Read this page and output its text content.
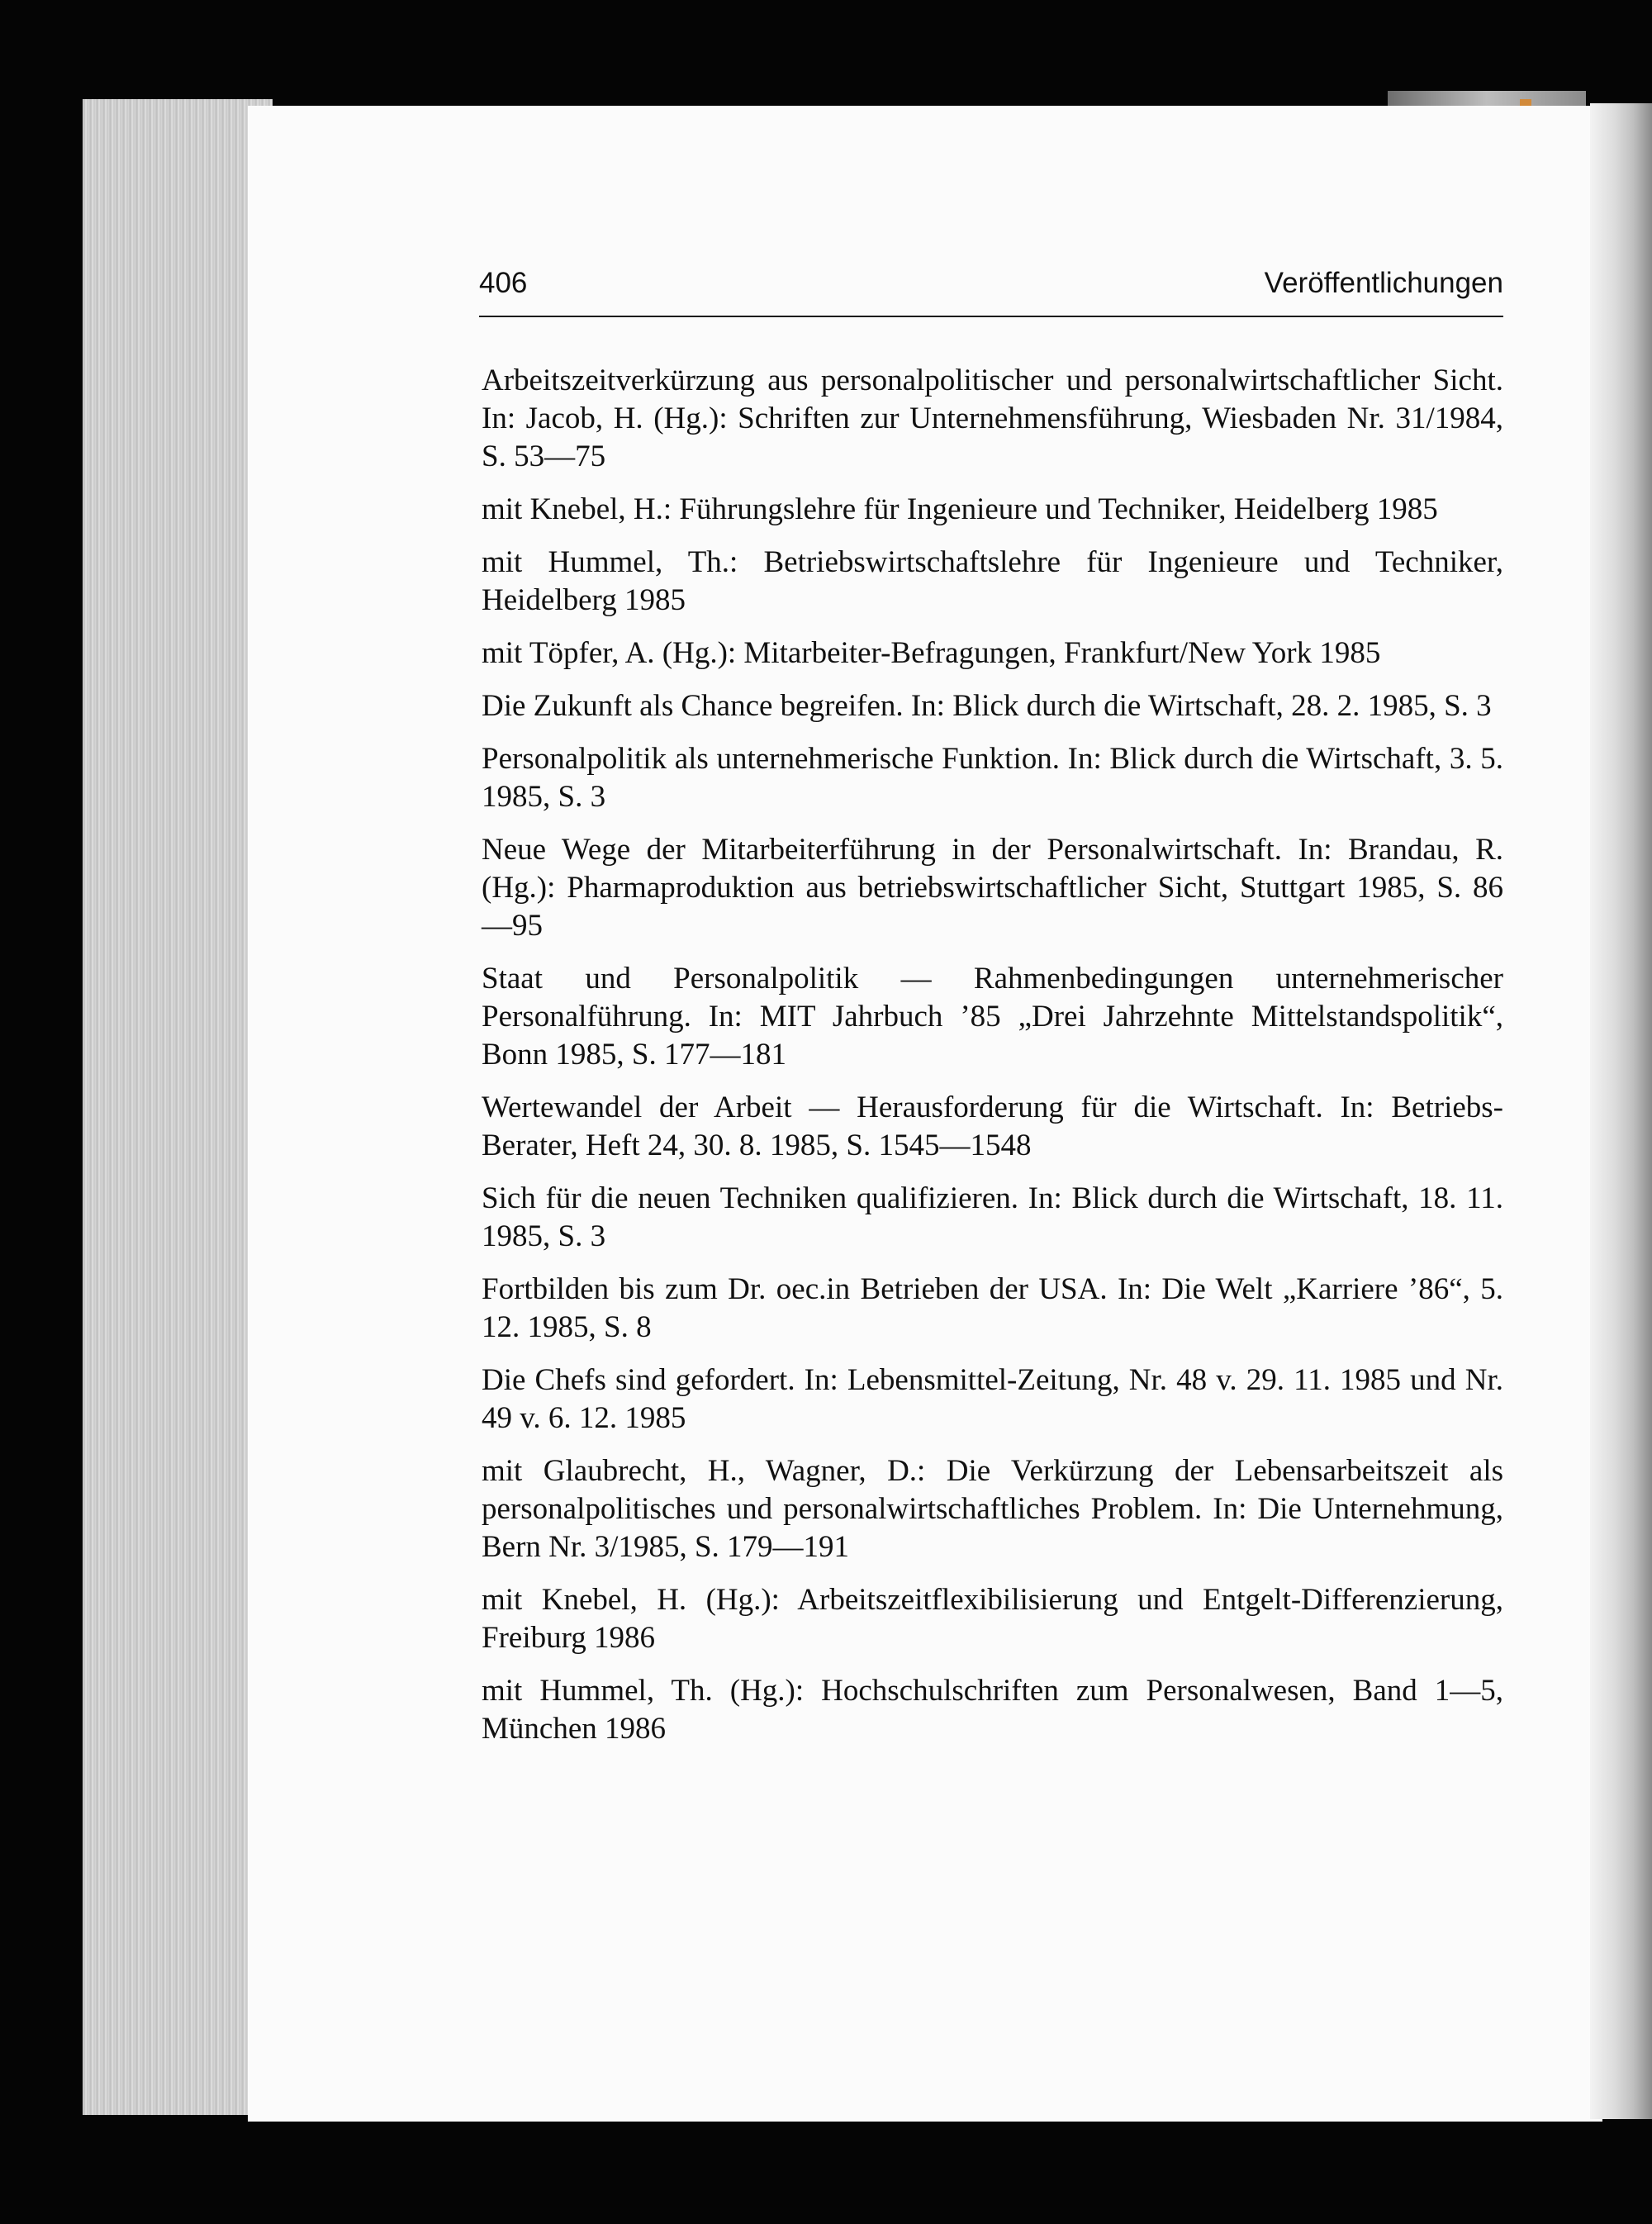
406	Veröffentlichungen

Arbeitszeitverkürzung aus personalpolitischer und personalwirtschaftlicher Sicht. In: Jacob, H. (Hg.): Schriften zur Unternehmensführung, Wiesbaden Nr. 31/1984, S. 53—75

mit Knebel, H.: Führungslehre für Ingenieure und Techniker, Heidelberg 1985

mit Hummel, Th.: Betriebswirtschaftslehre für Ingenieure und Techniker, Heidelberg 1985

mit Töpfer, A. (Hg.): Mitarbeiter-Befragungen, Frankfurt/New York 1985

Die Zukunft als Chance begreifen. In: Blick durch die Wirtschaft, 28. 2. 1985, S. 3

Personalpolitik als unternehmerische Funktion. In: Blick durch die Wirtschaft, 3. 5. 1985, S. 3

Neue Wege der Mitarbeiterführung in der Personalwirtschaft. In: Brandau, R. (Hg.): Pharmaproduktion aus betriebswirtschaftlicher Sicht, Stuttgart 1985, S. 86—95

Staat und Personalpolitik — Rahmenbedingungen unternehmerischer Personalführung. In: MIT Jahrbuch ’85 „Drei Jahrzehnte Mittelstandspolitik“, Bonn 1985, S. 177—181

Wertewandel der Arbeit — Herausforderung für die Wirtschaft. In: Betriebs-Berater, Heft 24, 30. 8. 1985, S. 1545—1548

Sich für die neuen Techniken qualifizieren. In: Blick durch die Wirtschaft, 18. 11. 1985, S. 3

Fortbilden bis zum Dr. oec.in Betrieben der USA. In: Die Welt „Karriere ’86“, 5. 12. 1985, S. 8

Die Chefs sind gefordert. In: Lebensmittel-Zeitung, Nr. 48 v. 29. 11. 1985 und Nr. 49 v. 6. 12. 1985

mit Glaubrecht, H., Wagner, D.: Die Verkürzung der Lebensarbeitszeit als personalpolitisches und personalwirtschaftliches Problem. In: Die Unternehmung, Bern Nr. 3/1985, S. 179—191

mit Knebel, H. (Hg.): Arbeitszeitflexibilisierung und Entgelt-Differenzierung, Freiburg 1986

mit Hummel, Th. (Hg.): Hochschulschriften zum Personalwesen, Band 1—5, München 1986
